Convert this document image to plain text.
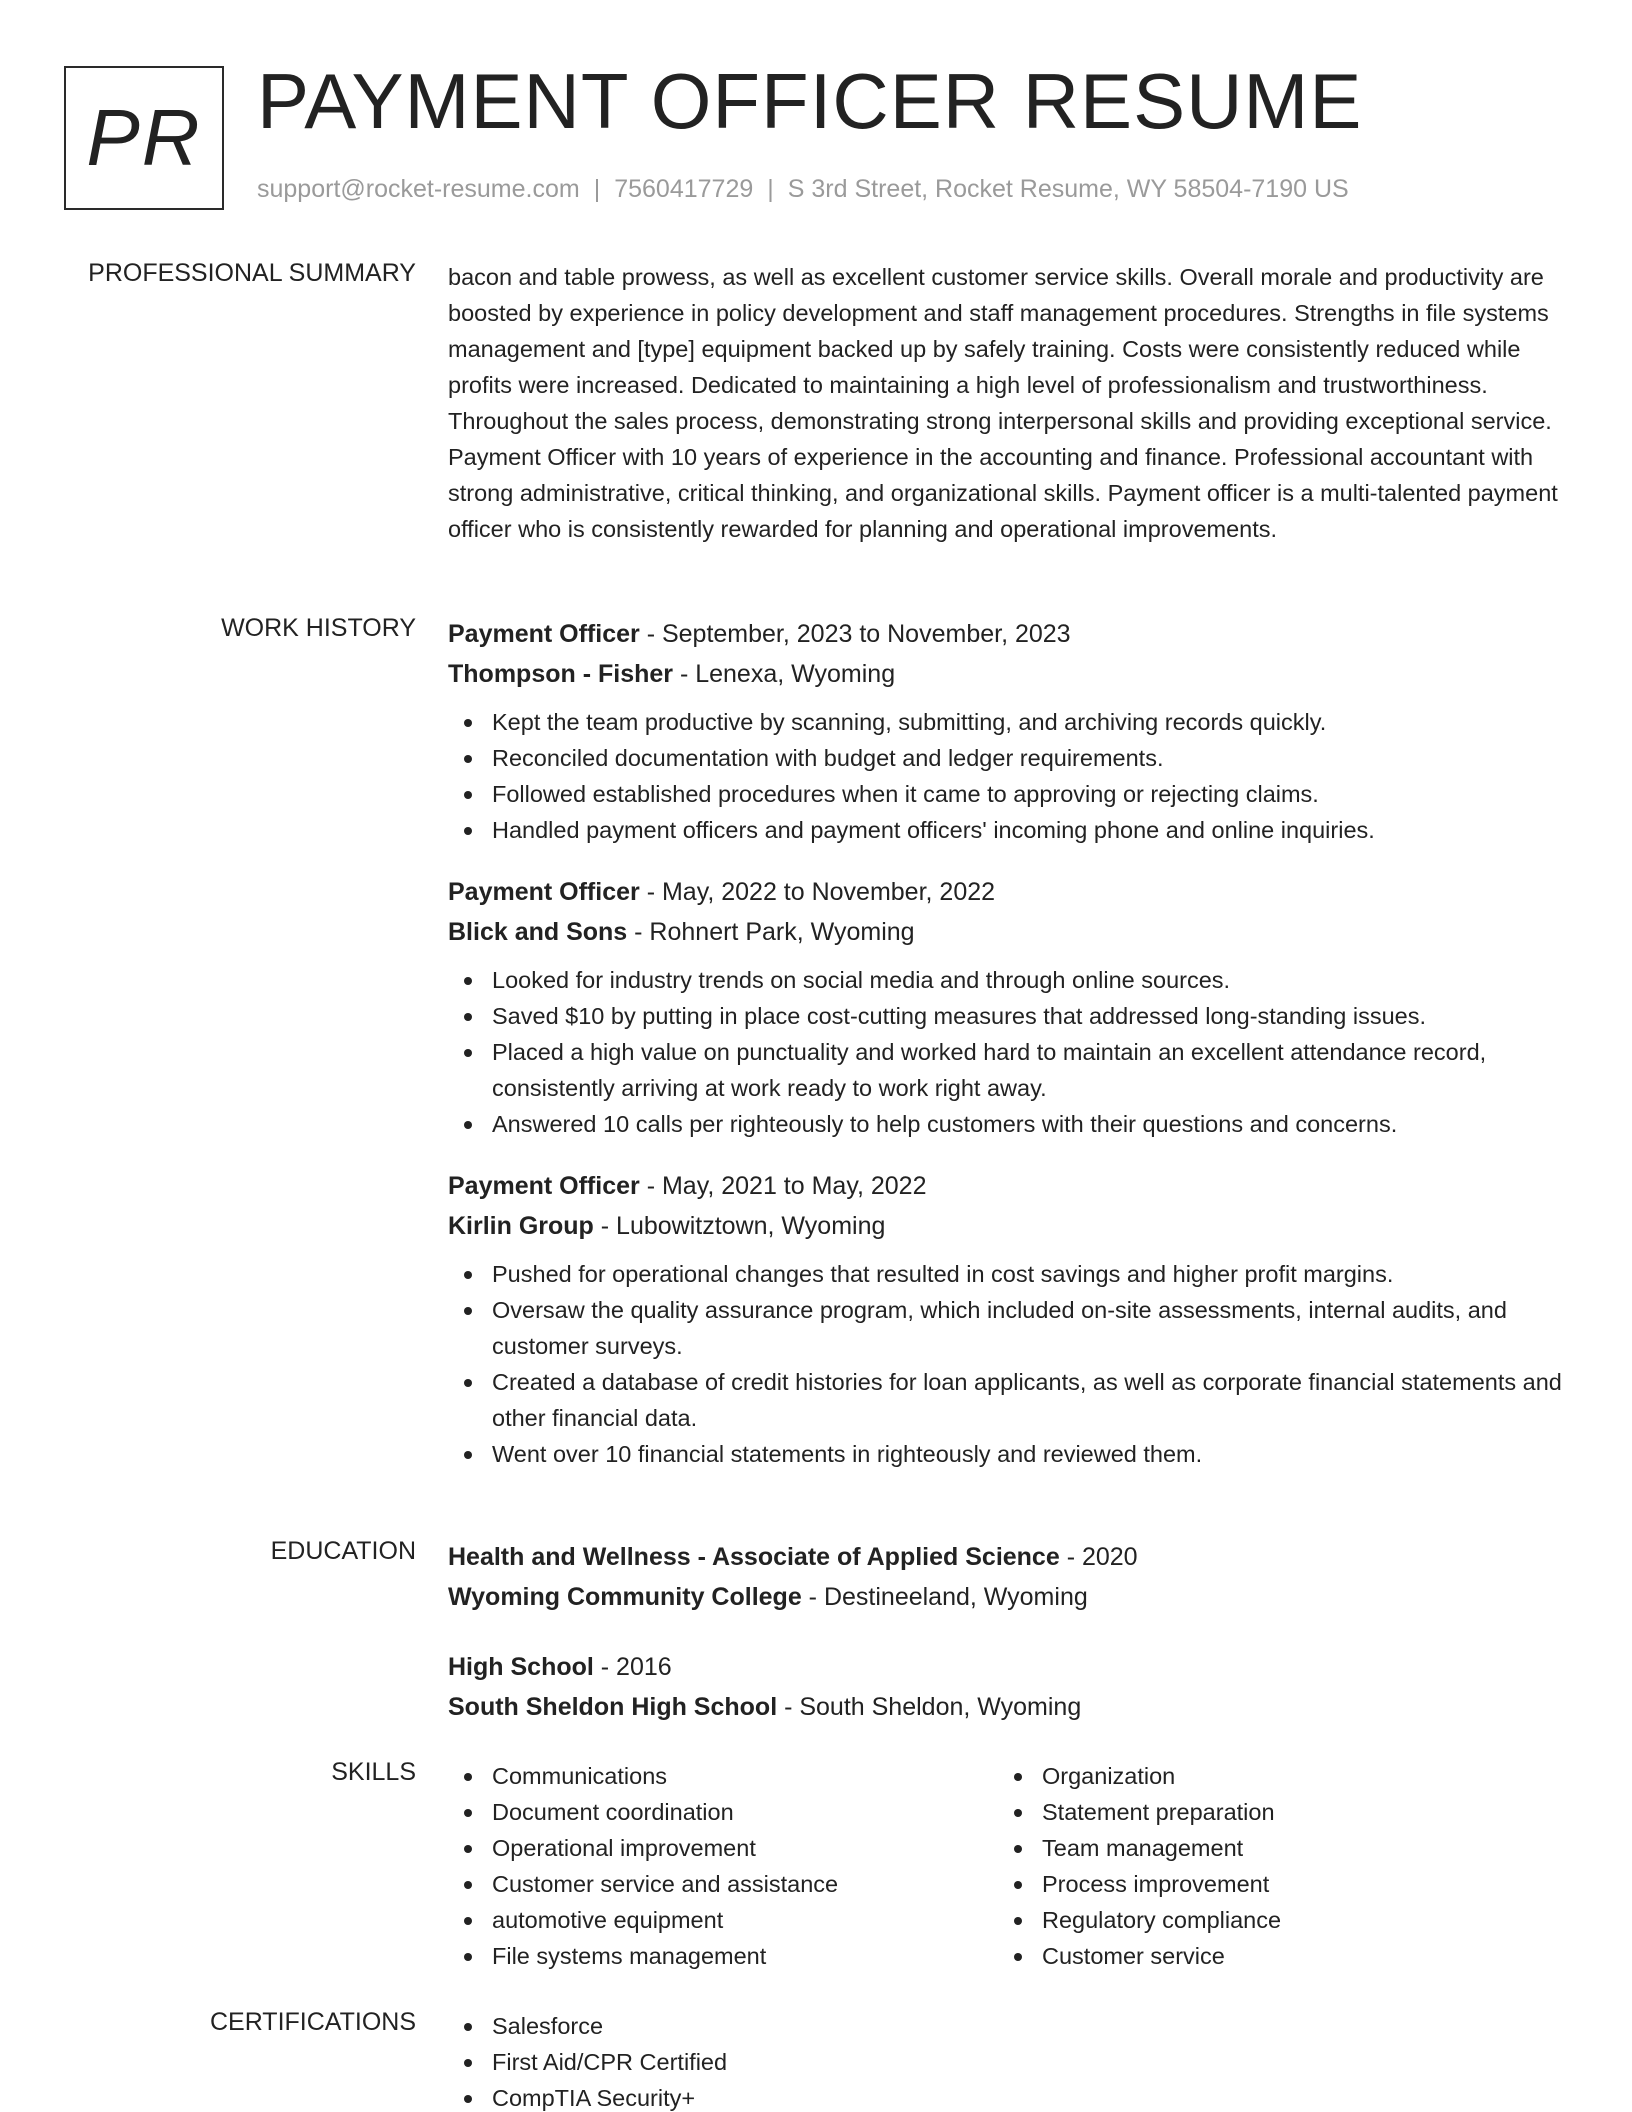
PR PAYMENT OFFICER RESUME
support@rocket-resume.com | 7560417729 | S 3rd Street, Rocket Resume, WY 58504-7190 US
PROFESSIONAL SUMMARY bacon and table prowess, as well as excellent customer service skills. Overall morale and productivity are boosted by experience in policy development and staff management procedures. Strengths in file systems management and [type] equipment backed up by safely training. Costs were consistently reduced while profits were increased. Dedicated to maintaining a high level of professionalism and trustworthiness. Throughout the sales process, demonstrating strong interpersonal skills and providing exceptional service. Payment Officer with 10 years of experience in the accounting and finance. Professional accountant with strong administrative, critical thinking, and organizational skills. Payment officer is a multi-talented payment officer who is consistently rewarded for planning and operational improvements.
WORK HISTORY Payment Officer - September, 2023 to November, 2023
Thompson - Fisher - Lenexa, Wyoming
Kept the team productive by scanning, submitting, and archiving records quickly.
Reconciled documentation with budget and ledger requirements.
Followed established procedures when it came to approving or rejecting claims.
Handled payment officers and payment officers' incoming phone and online inquiries.
Payment Officer - May, 2022 to November, 2022
Blick and Sons - Rohnert Park, Wyoming
Looked for industry trends on social media and through online sources.
Saved $10 by putting in place cost-cutting measures that addressed long-standing issues.
Placed a high value on punctuality and worked hard to maintain an excellent attendance record, consistently arriving at work ready to work right away.
Answered 10 calls per righteously to help customers with their questions and concerns.
Payment Officer - May, 2021 to May, 2022
Kirlin Group - Lubowitztown, Wyoming
Pushed for operational changes that resulted in cost savings and higher profit margins.
Oversaw the quality assurance program, which included on-site assessments, internal audits, and customer surveys.
Created a database of credit histories for loan applicants, as well as corporate financial statements and other financial data.
Went over 10 financial statements in righteously and reviewed them.
EDUCATION Health and Wellness - Associate of Applied Science - 2020
Wyoming Community College - Destineeland, Wyoming
High School - 2016
South Sheldon High School - South Sheldon, Wyoming
SKILLS	Communications
Document coordination
Operational improvement
Customer service and assistance
automotive equipment
File systems management
Organization
Statement preparation
Team management
Process improvement
Regulatory compliance
Customer service
CERTIFICATIONS	Salesforce
First Aid/CPR Certified
CompTIA Security+
